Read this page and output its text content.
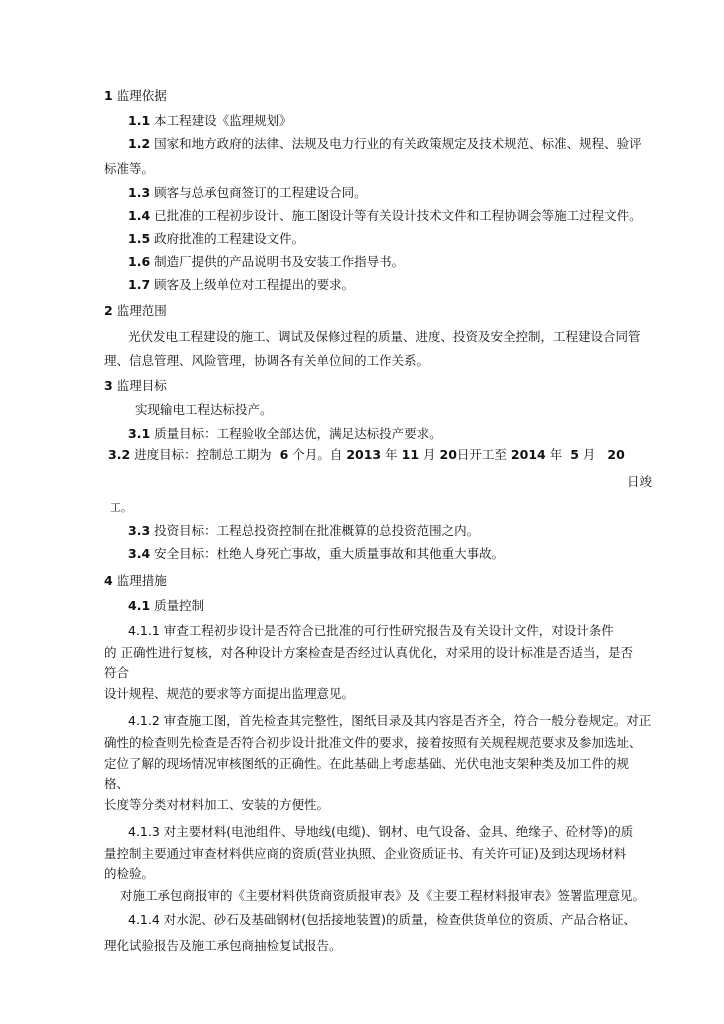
1 监理依据
1.1 本工程建设《监理规划》
1.2 国家和地方政府的法律、法规及电力行业的有关政策规定及技术规范、标准、规程、验评
标准等。
1.3 顾客与总承包商签订的工程建设合同。
1.4 已批准的工程初步设计、施工图设计等有关设计技术文件和工程协调会等施工过程文件。
1.5 政府批准的工程建设文件。
1.6 制造厂提供的产品说明书及安装工作指导书。
1.7 顾客及上级单位对工程提出的要求。
2 监理范围
光伏发电工程建设的施工、调试及保修过程的质量、进度、投资及安全控制，工程建设合同管
理、信息管理、风险管理，协调各有关单位间的工作关系。
3 监理目标
实现输电工程达标投产。
3.1 质量目标：工程验收全部达优，满足达标投产要求。
3.2 进度目标：控制总工期为 6 个月。自 2013 年 11 月 20日开工至 2014 年 5 月 20
日竣
工。
3.3 投资目标：工程总投资控制在批准概算的总投资范围之内。
3.4 安全目标：杜绝人身死亡事故，重大质量事故和其他重大事故。
4 监理措施
4.1 质量控制
4.1.1 审查工程初步设计是否符合已批准的可行性研究报告及有关设计文件，对设计条件
的 正确性进行复核，对各种设计方案检查是否经过认真优化，对采用的设计标准是否适当，是否
符合
设计规程、规范的要求等方面提出监理意见。
4.1.2 审查施工图，首先检查其完整性，图纸目录及其内容是否齐全，符合一般分卷规定。对正
确性的检查则先检查是否符合初步设计批准文件的要求，接着按照有关规程规范要求及参加选址、
定位了解的现场情况审核图纸的正确性。在此基础上考虑基础、光伏电池支架种类及加工件的规
格、
长度等分类对材料加工、安装的方便性。
4.1.3 对主要材料(电池组件、导地线(电缆)、钢材、电气设备、金具、绝缘子、砼材等)的质
量控制主要通过审查材料供应商的资质(营业执照、企业资质证书、有关许可证)及到达现场材料
的检验。
对施工承包商报审的《主要材料供货商资质报审表》及《主要工程材料报审表》签署监理意见。
4.1.4 对水泥、砂石及基础钢材(包括接地装置)的质量，检查供货单位的资质、产品合格证、
理化试验报告及施工承包商抽检复试报告。
